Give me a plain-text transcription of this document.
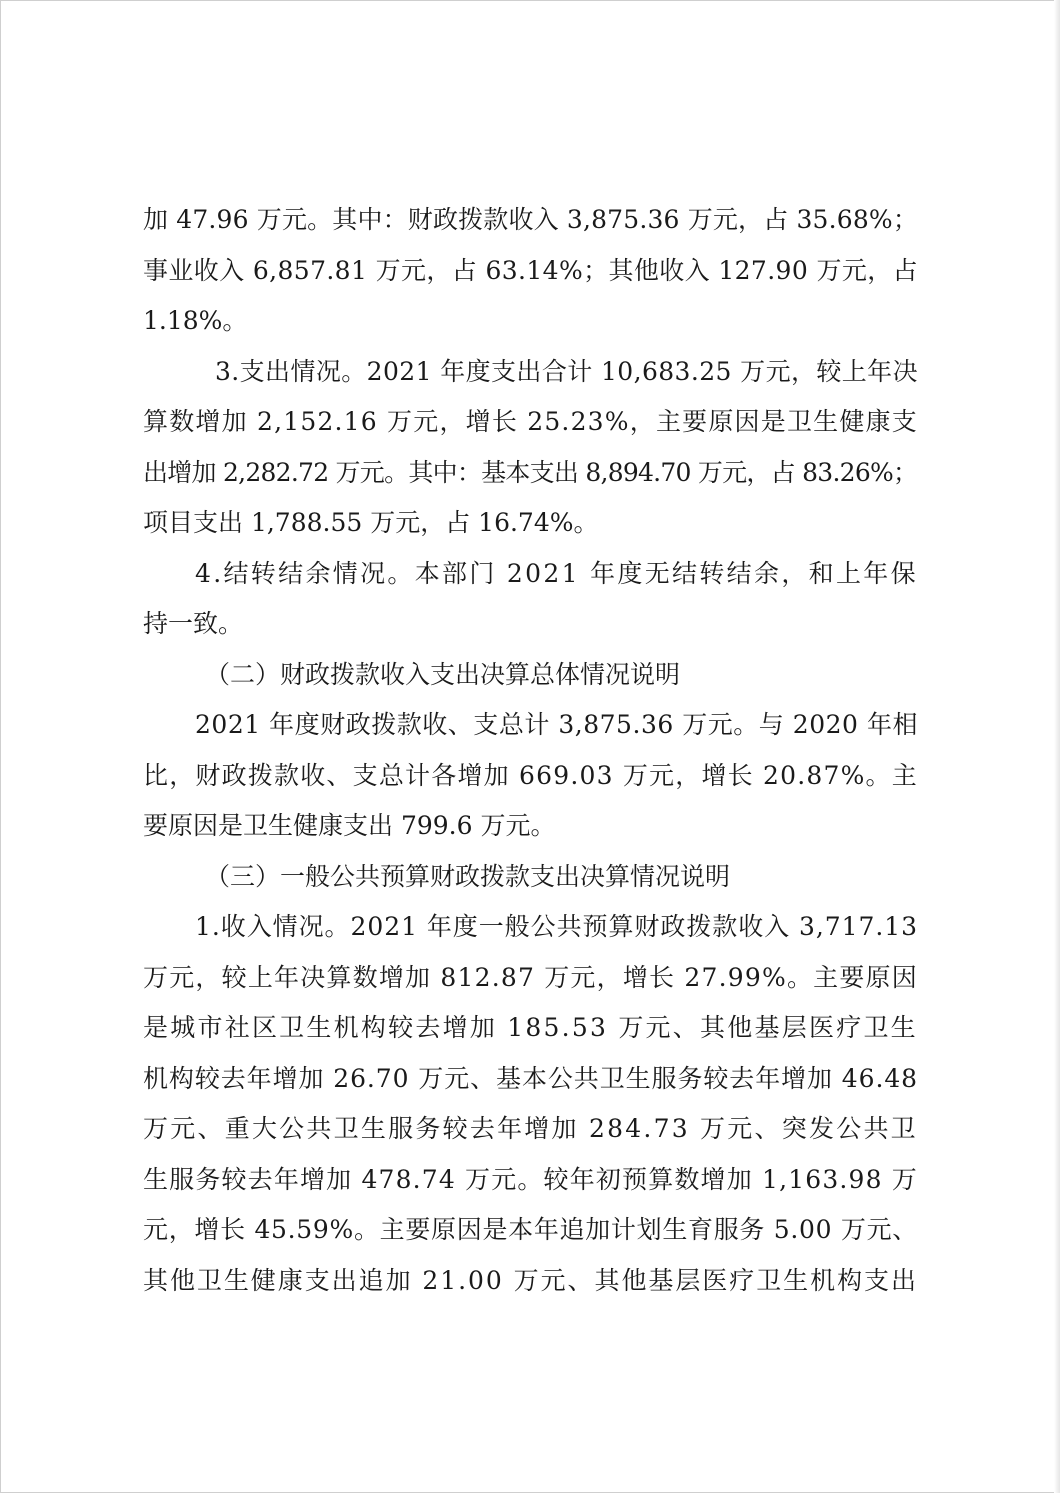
加 47.96 万元。其中：财政拨款收入 3,875.36 万元，占 35.68%；
事业收入 6,857.81 万元，占 63.14%；其他收入 127.90 万元，占
1.18%。
3.支出情况。2021 年度支出合计 10,683.25 万元，较上年决
算数增加 2,152.16 万元，增长 25.23%，主要原因是卫生健康支
出增加 2,282.72 万元。其中：基本支出 8,894.70 万元，占 83.26%；
项目支出 1,788.55 万元，占 16.74%。
4.结转结余情况。本部门 2021 年度无结转结余，和上年保
持一致。
（二）财政拨款收入支出决算总体情况说明
2021 年度财政拨款收、支总计 3,875.36 万元。与 2020 年相
比，财政拨款收、支总计各增加 669.03 万元，增长 20.87%。主
要原因是卫生健康支出 799.6 万元。
（三）一般公共预算财政拨款支出决算情况说明
1.收入情况。2021 年度一般公共预算财政拨款收入 3,717.13
万元，较上年决算数增加 812.87 万元，增长 27.99%。主要原因
是城市社区卫生机构较去增加 185.53 万元、其他基层医疗卫生
机构较去年增加 26.70 万元、基本公共卫生服务较去年增加 46.48
万元、重大公共卫生服务较去年增加 284.73 万元、突发公共卫
生服务较去年增加 478.74 万元。较年初预算数增加 1,163.98 万
元，增长 45.59%。主要原因是本年追加计划生育服务 5.00 万元、
其他卫生健康支出追加 21.00 万元、其他基层医疗卫生机构支出
